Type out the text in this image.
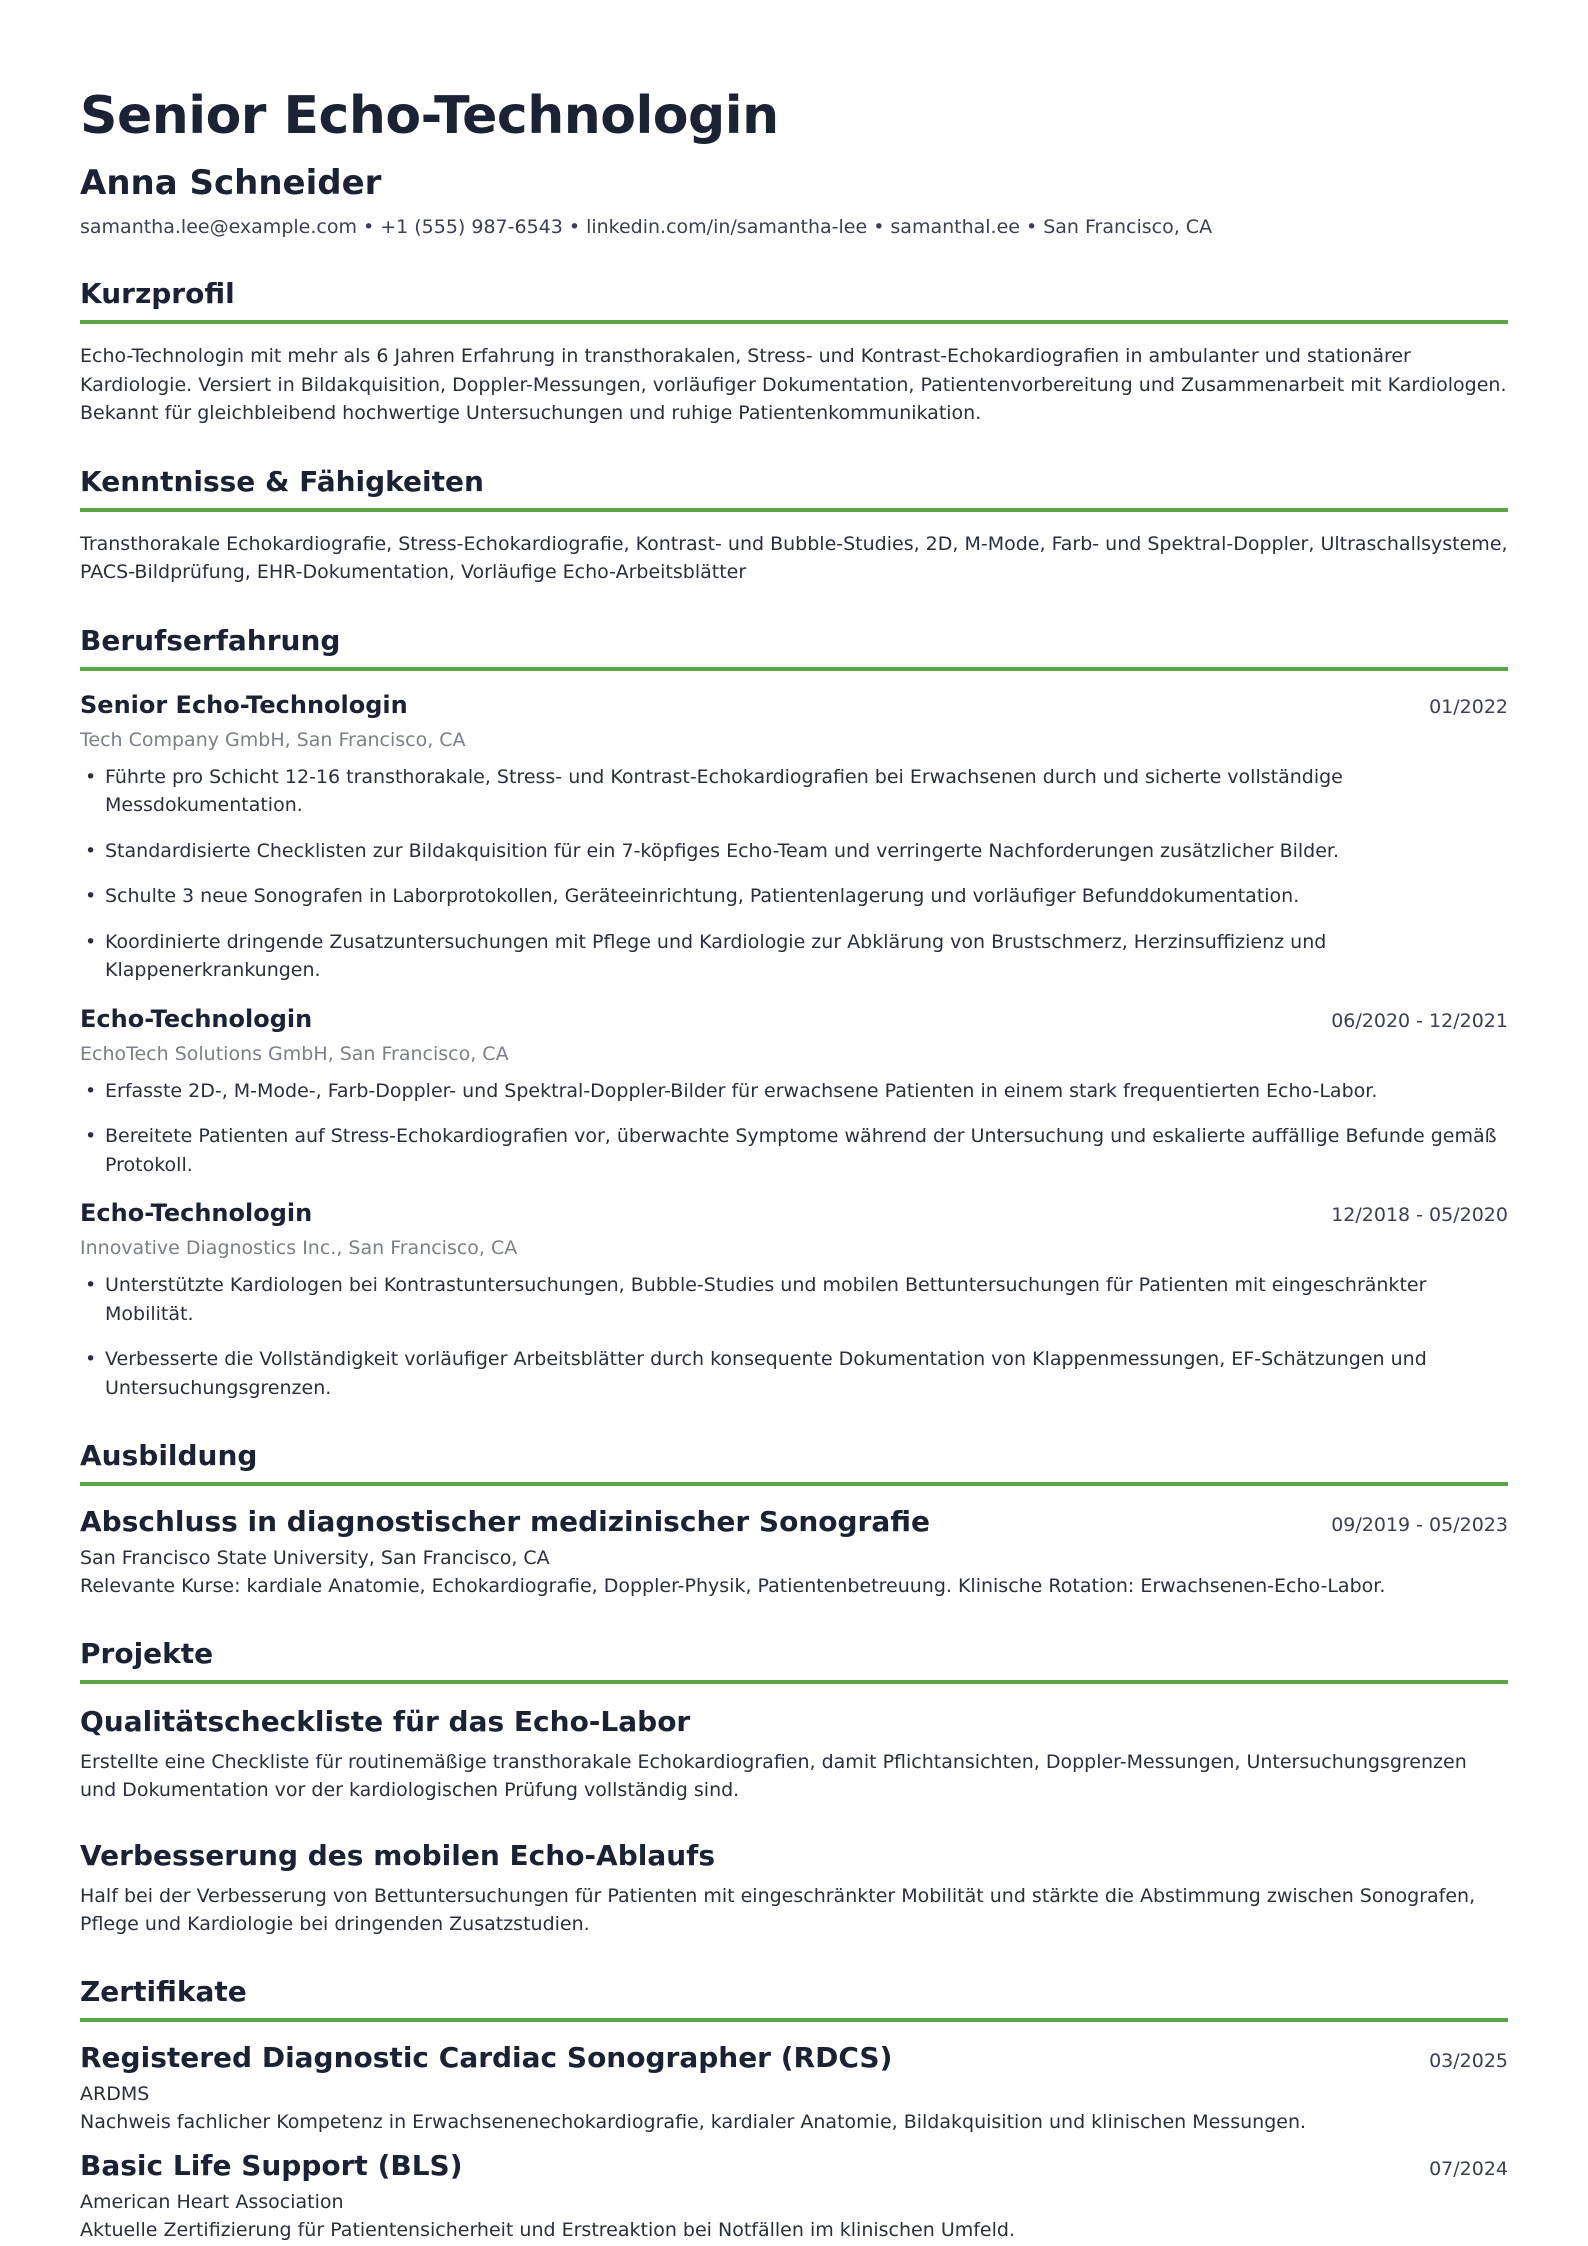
Senior Echo-Technologin
Anna Schneider
samantha.lee@example.com • +1 (555) 987-6543 • linkedin.com/in/samantha-lee • samanthal.ee • San Francisco, CA
Kurzprofil
Echo-Technologin mit mehr als 6 Jahren Erfahrung in transthorakalen, Stress- und Kontrast-Echokardiografien in ambulanter und stationärer Kardiologie. Versiert in Bildakquisition, Doppler-Messungen, vorläufiger Dokumentation, Patientenvorbereitung und Zusammenarbeit mit Kardiologen. Bekannt für gleichbleibend hochwertige Untersuchungen und ruhige Patientenkommunikation.
Kenntnisse & Fähigkeiten
Transthorakale Echokardiografie, Stress-Echokardiografie, Kontrast- und Bubble-Studies, 2D, M-Mode, Farb- und Spektral-Doppler, Ultraschallsysteme, PACS-Bildprüfung, EHR-Dokumentation, Vorläufige Echo-Arbeitsblätter
Berufserfahrung
Senior Echo-Technologin	01/2022
Tech Company GmbH, San Francisco, CA
• Führte pro Schicht 12-16 transthorakale, Stress- und Kontrast-Echokardiografien bei Erwachsenen durch und sicherte vollständige Messdokumentation.
• Standardisierte Checklisten zur Bildakquisition für ein 7-köpfiges Echo-Team und verringerte Nachforderungen zusätzlicher Bilder.
• Schulte 3 neue Sonografen in Laborprotokollen, Geräteeinrichtung, Patientenlagerung und vorläufiger Befunddokumentation.
• Koordinierte dringende Zusatzuntersuchungen mit Pflege und Kardiologie zur Abklärung von Brustschmerz, Herzinsuffizienz und Klappenerkrankungen.
Echo-Technologin	06/2020 - 12/2021
EchoTech Solutions GmbH, San Francisco, CA
• Erfasste 2D-, M-Mode-, Farb-Doppler- und Spektral-Doppler-Bilder für erwachsene Patienten in einem stark frequentierten Echo-Labor.
• Bereitete Patienten auf Stress-Echokardiografien vor, überwachte Symptome während der Untersuchung und eskalierte auffällige Befunde gemäß Protokoll.
Echo-Technologin	12/2018 - 05/2020
Innovative Diagnostics Inc., San Francisco, CA
• Unterstützte Kardiologen bei Kontrastuntersuchungen, Bubble-Studies und mobilen Bettuntersuchungen für Patienten mit eingeschränkter Mobilität.
• Verbesserte die Vollständigkeit vorläufiger Arbeitsblätter durch konsequente Dokumentation von Klappenmessungen, EF-Schätzungen und Untersuchungsgrenzen.
Ausbildung
Abschluss in diagnostischer medizinischer Sonografie	09/2019 - 05/2023
San Francisco State University, San Francisco, CA
Relevante Kurse: kardiale Anatomie, Echokardiografie, Doppler-Physik, Patientenbetreuung. Klinische Rotation: Erwachsenen-Echo-Labor.
Projekte
Qualitätscheckliste für das Echo-Labor
Erstellte eine Checkliste für routinemäßige transthorakale Echokardiografien, damit Pflichtansichten, Doppler-Messungen, Untersuchungsgrenzen und Dokumentation vor der kardiologischen Prüfung vollständig sind.
Verbesserung des mobilen Echo-Ablaufs
Half bei der Verbesserung von Bettuntersuchungen für Patienten mit eingeschränkter Mobilität und stärkte die Abstimmung zwischen Sonografen, Pflege und Kardiologie bei dringenden Zusatzstudien.
Zertifikate
Registered Diagnostic Cardiac Sonographer (RDCS)	03/2025
ARDMS
Nachweis fachlicher Kompetenz in Erwachsenenechokardiografie, kardialer Anatomie, Bildakquisition und klinischen Messungen.
Basic Life Support (BLS)	07/2024
American Heart Association
Aktuelle Zertifizierung für Patientensicherheit und Erstreaktion bei Notfällen im klinischen Umfeld.
